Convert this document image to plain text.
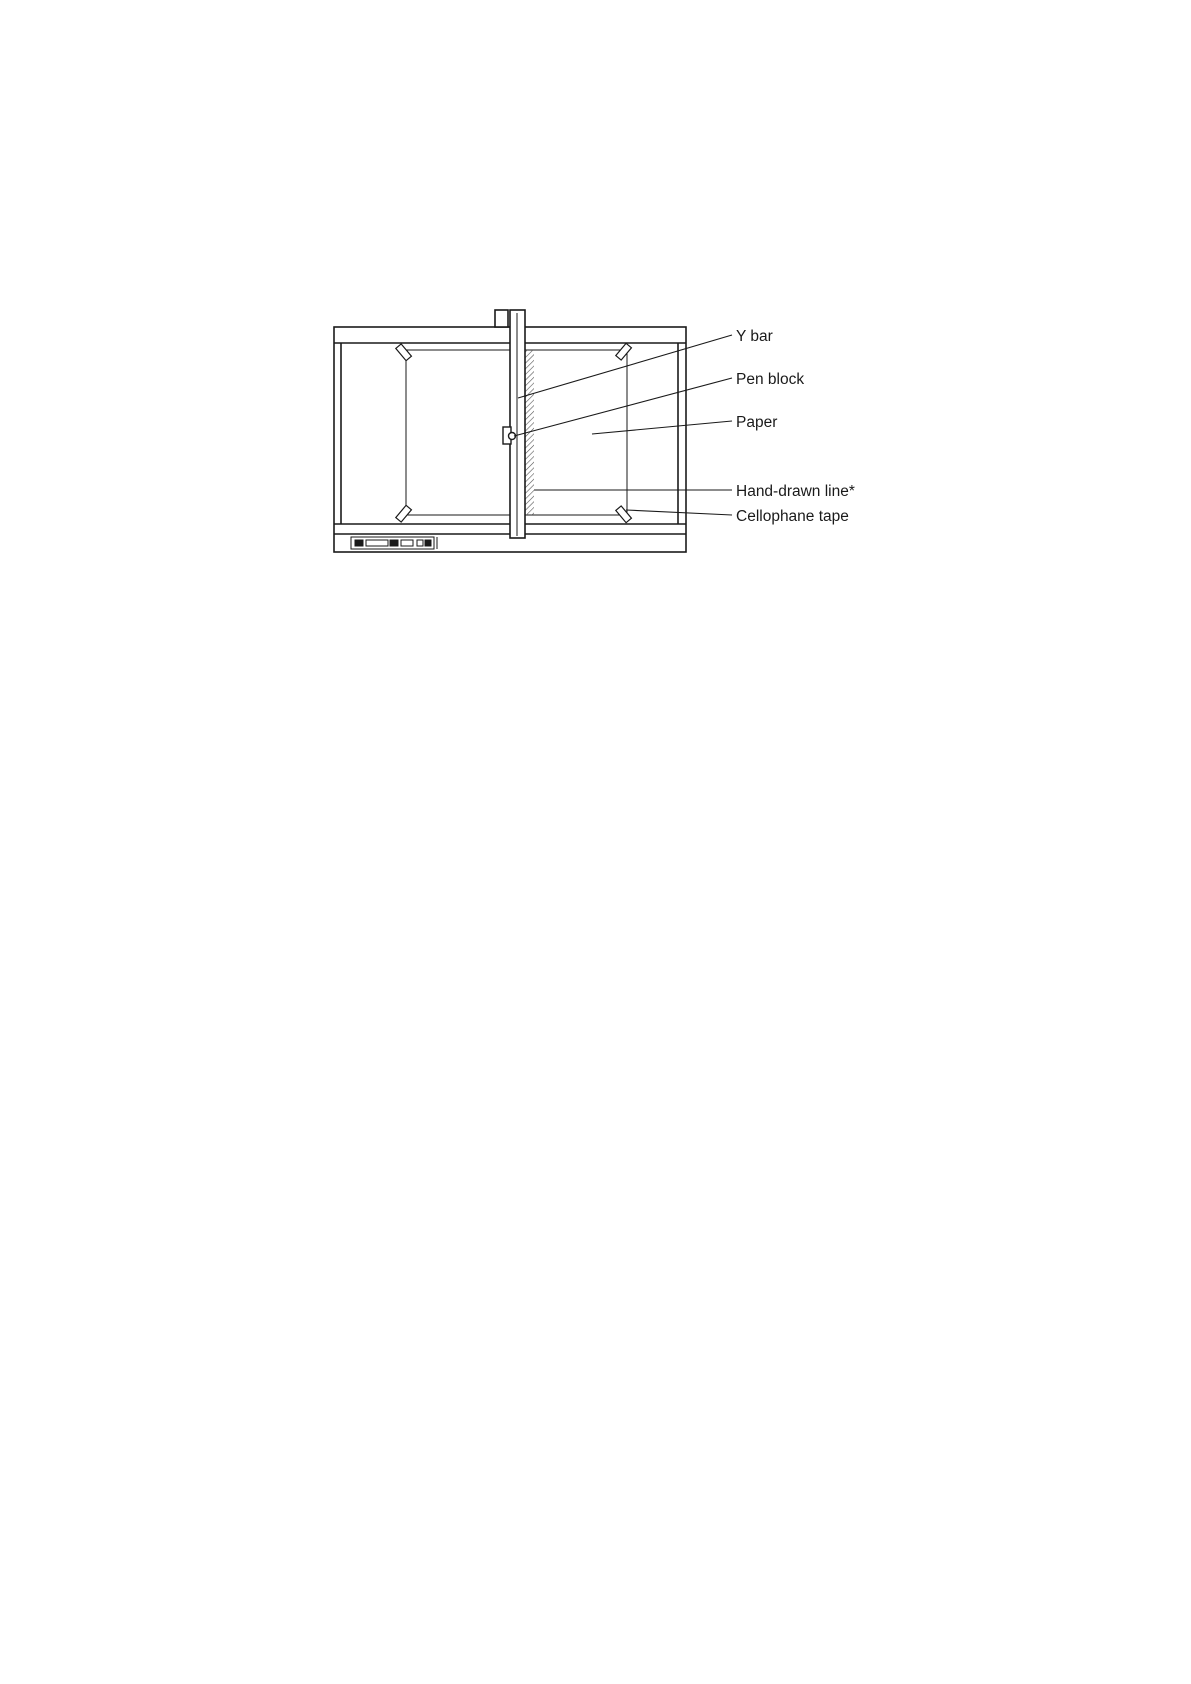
Y bar
Pen block
Paper
Hand-drawn line*
Cellophane tape
